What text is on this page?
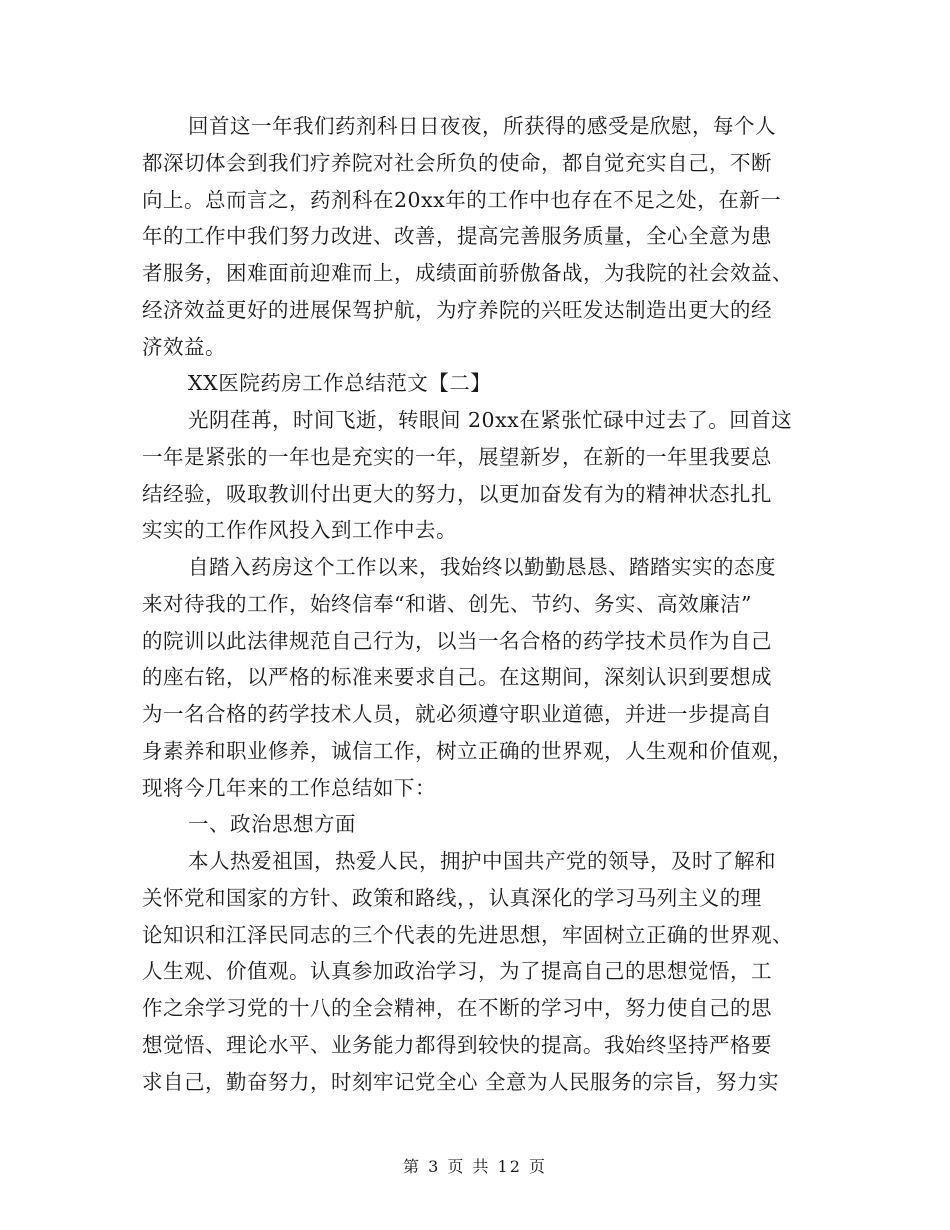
回首这一年我们药剂科日日夜夜，所获得的感受是欣慰，每个人
都深切体会到我们疗养院对社会所负的使命，都自觉充实自己，不断
向上。总而言之，药剂科在20xx年的工作中也存在不足之处，在新一
年的工作中我们努力改进、改善，提高完善服务质量，全心全意为患
者服务，困难面前迎难而上，成绩面前骄傲备战，为我院的社会效益、
经济效益更好的进展保驾护航，为疗养院的兴旺发达制造出更大的经
济效益。
XX医院药房工作总结范文【二】
光阴荏苒，时间飞逝，转眼间 20xx在紧张忙碌中过去了。回首这
一年是紧张的一年也是充实的一年，展望新岁，在新的一年里我要总
结经验，吸取教训付出更大的努力，以更加奋发有为的精神状态扎扎
实实的工作作风投入到工作中去。
自踏入药房这个工作以来，我始终以勤勤恳恳、踏踏实实的态度
来对待我的工作，始终信奉“和谐、创先、节约、务实、高效廉洁”
的院训以此法律规范自己行为，以当一名合格的药学技术员作为自己
的座右铭，以严格的标准来要求自己。在这期间，深刻认识到要想成
为一名合格的药学技术人员，就必须遵守职业道德，并进一步提高自
身素养和职业修养，诚信工作，树立正确的世界观，人生观和价值观，
现将今几年来的工作总结如下：
一、政治思想方面
本人热爱祖国，热爱人民，拥护中国共产党的领导，及时了解和
关怀党和国家的方针、政策和路线，，认真深化的学习马列主义的理
论知识和江泽民同志的三个代表的先进思想，牢固树立正确的世界观、
人生观、价值观。认真参加政治学习，为了提高自己的思想觉悟，工
作之余学习党的十八的全会精神，在不断的学习中，努力使自己的思
想觉悟、理论水平、业务能力都得到较快的提高。我始终坚持严格要
求自己，勤奋努力，时刻牢记党全心 全意为人民服务的宗旨，努力实
第 3 页 共 12 页
